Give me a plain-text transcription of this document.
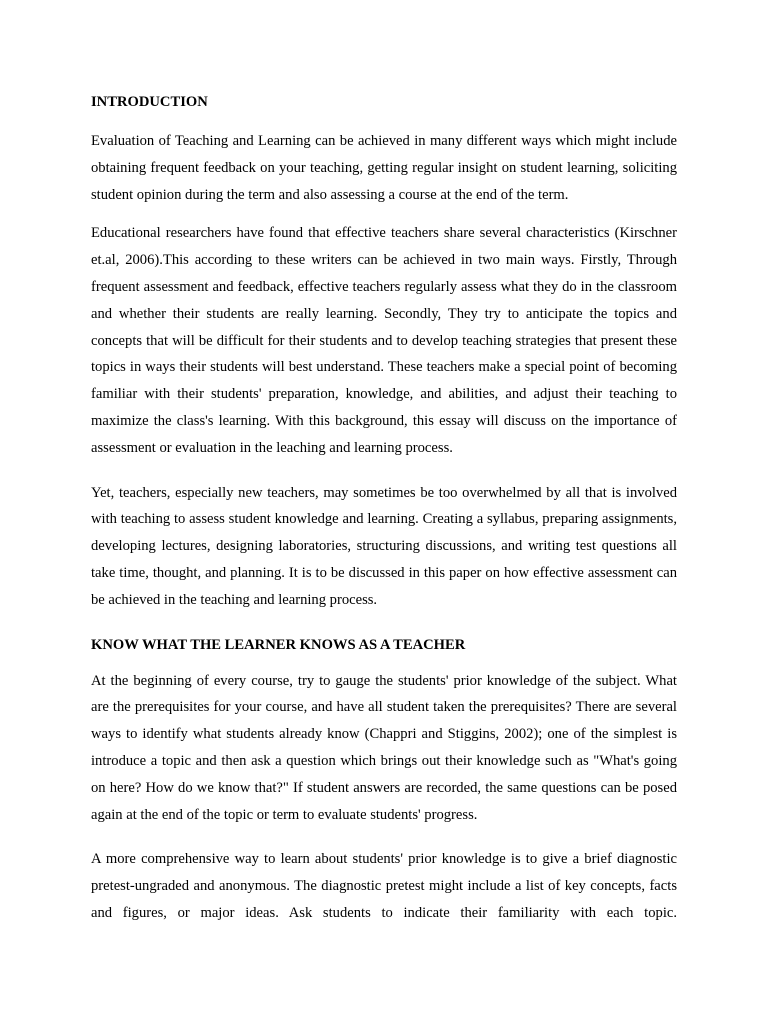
INTRODUCTION

Evaluation of Teaching and Learning can be achieved in many different ways which might include obtaining frequent feedback on your teaching, getting regular insight on student learning, soliciting student opinion during the term and also assessing a course at the end of the term.

Educational researchers have found that effective teachers share several characteristics (Kirschner et.al, 2006).This according to these writers can be achieved in two main ways. Firstly, Through frequent assessment and feedback, effective teachers regularly assess what they do in the classroom and whether their students are really learning. Secondly, They try to anticipate the topics and concepts that will be difficult for their students and to develop teaching strategies that present these topics in ways their students will best understand. These teachers make a special point of becoming familiar with their students' preparation, knowledge, and abilities, and adjust their teaching to maximize the class's learning. With this background, this essay will discuss on the importance of assessment or evaluation in the leaching and learning process.

Yet, teachers, especially new teachers, may sometimes be too overwhelmed by all that is involved with teaching to assess student knowledge and learning. Creating a syllabus, preparing assignments, developing lectures, designing laboratories, structuring discussions, and writing test questions all take time, thought, and planning. It is to be discussed in this paper on how effective assessment can be achieved in the teaching and learning process.

KNOW WHAT THE LEARNER KNOWS AS A TEACHER

At the beginning of every course, try to gauge the students' prior knowledge of the subject. What are the prerequisites for your course, and have all student taken the prerequisites? There are several ways to identify what students already know (Chappri and Stiggins, 2002); one of the simplest is introduce a topic and then ask a question which brings out their knowledge such as "What's going on here? How do we know that?" If student answers are recorded, the same questions can be posed again at the end of the topic or term to evaluate students' progress.

A more comprehensive way to learn about students' prior knowledge is to give a brief diagnostic pretest-ungraded and anonymous. The diagnostic pretest might include a list of key concepts, facts and figures, or major ideas. Ask students to indicate their familiarity with each topic.
